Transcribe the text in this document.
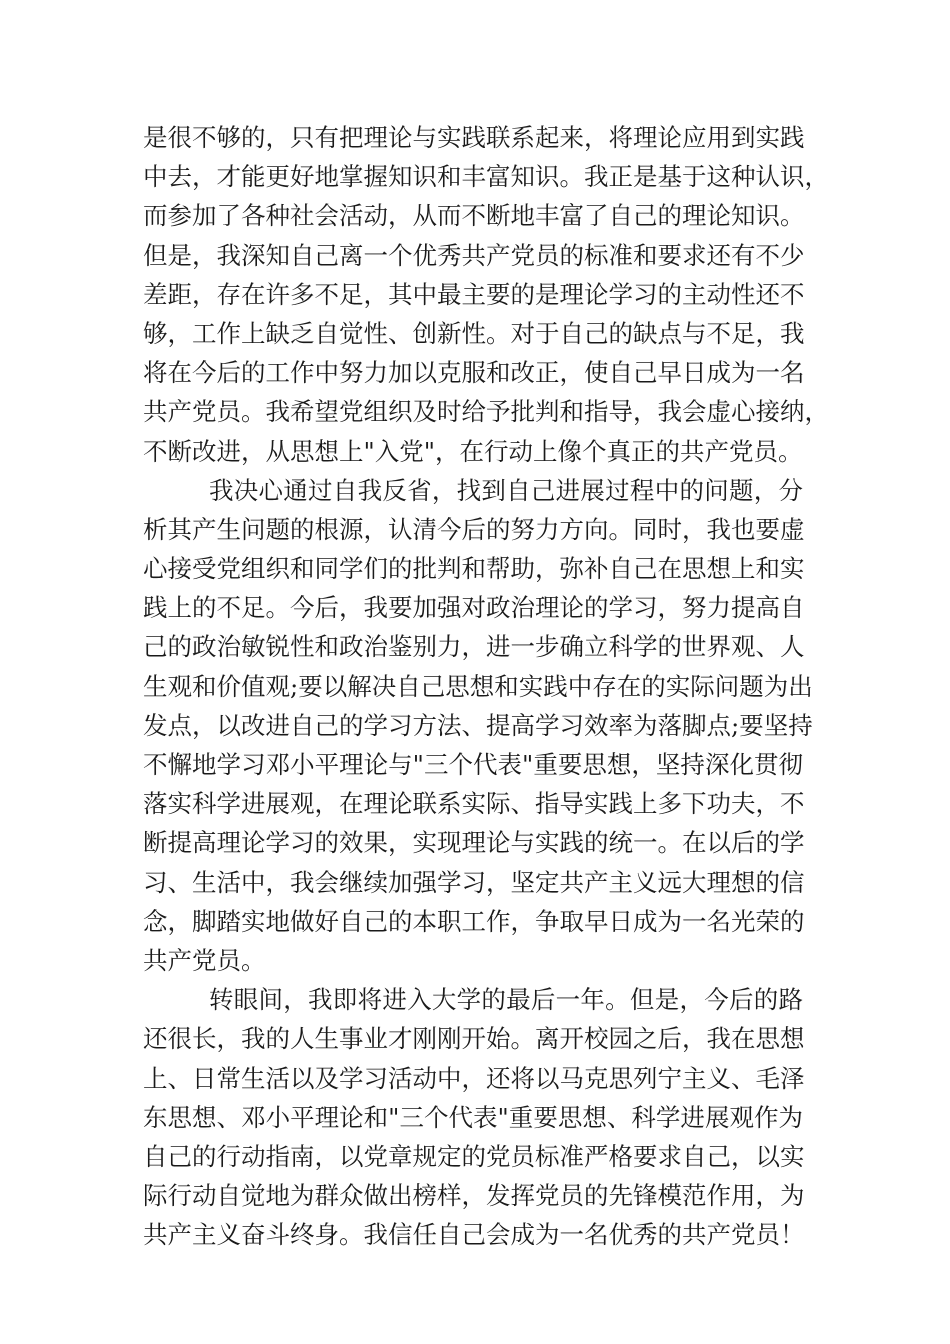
是很不够的，只有把理论与实践联系起来，将理论应用到实践
中去，才能更好地掌握知识和丰富知识。我正是基于这种认识，
而参加了各种社会活动，从而不断地丰富了自己的理论知识。
但是，我深知自己离一个优秀共产党员的标准和要求还有不少
差距，存在许多不足，其中最主要的是理论学习的主动性还不
够，工作上缺乏自觉性、创新性。对于自己的缺点与不足，我
将在今后的工作中努力加以克服和改正，使自己早日成为一名
共产党员。我希望党组织及时给予批判和指导，我会虚心接纳，
不断改进，从思想上"入党"，在行动上像个真正的共产党员。
我决心通过自我反省，找到自己进展过程中的问题，分
析其产生问题的根源，认清今后的努力方向。同时，我也要虚
心接受党组织和同学们的批判和帮助，弥补自己在思想上和实
践上的不足。今后，我要加强对政治理论的学习，努力提高自
己的政治敏锐性和政治鉴别力，进一步确立科学的世界观、人
生观和价值观;要以解决自己思想和实践中存在的实际问题为出
发点，以改进自己的学习方法、提高学习效率为落脚点;要坚持
不懈地学习邓小平理论与"三个代表"重要思想，坚持深化贯彻
落实科学进展观，在理论联系实际、指导实践上多下功夫，不
断提高理论学习的效果，实现理论与实践的统一。在以后的学
习、生活中，我会继续加强学习，坚定共产主义远大理想的信
念，脚踏实地做好自己的本职工作，争取早日成为一名光荣的
共产党员。
转眼间，我即将进入大学的最后一年。但是，今后的路
还很长，我的人生事业才刚刚开始。离开校园之后，我在思想
上、日常生活以及学习活动中，还将以马克思列宁主义、毛泽
东思想、邓小平理论和"三个代表"重要思想、科学进展观作为
自己的行动指南，以党章规定的党员标准严格要求自己，以实
际行动自觉地为群众做出榜样，发挥党员的先锋模范作用，为
共产主义奋斗终身。我信任自己会成为一名优秀的共产党员！
